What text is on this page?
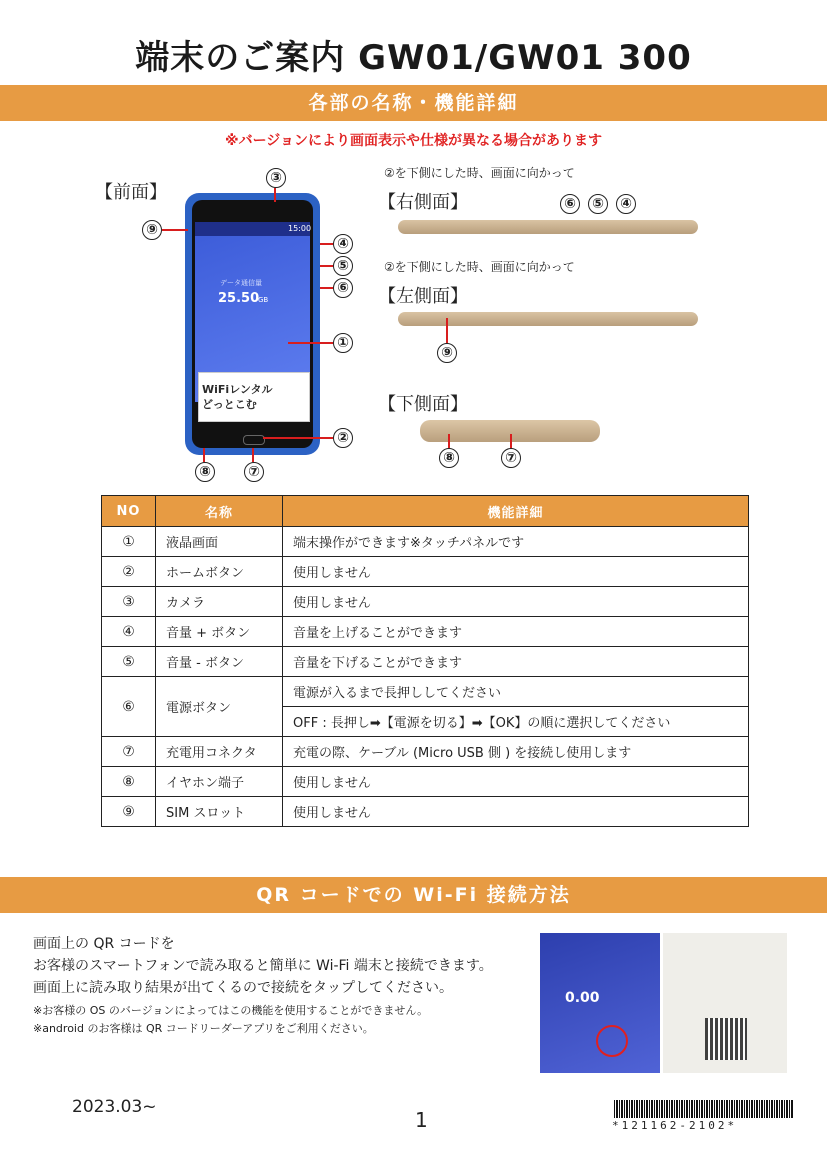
端末のご案内 GW01/GW01 300
各部の名称・機能詳細
※バージョンにより画面表示や仕様が異なる場合があります
【前面】
15:00
データ通信量
25.50
GB
WiFiレンタル
どっとこむ
③
⑨
④
⑤
⑥
①
②
⑧	⑦
②を下側にした時、画面に向かって
【右側面】	⑥ ⑤ ④
②を下側にした時、画面に向かって
【左側面】
⑨
【下側面】
⑧	⑦
NO	名称	機能詳細
①	液晶画面	端末操作ができます※タッチパネルです
②	ホームボタン	使用しません
③	カメラ	使用しません
④	音量 + ボタン	音量を上げることができます
⑤	音量 - ボタン	音量を下げることができます
⑥	電源ボタン	電源が入るまで長押ししてください
		OFF : 長押し➡【電源を切る】➡【OK】の順に選択してください
⑦	充電用コネクタ	充電の際、ケーブル (Micro USB 側 ) を接続し使用します
⑧	イヤホン端子	使用しません
⑨	SIM スロット	使用しません
QR コードでの Wi-Fi 接続方法
画面上の QR コードを
お客様のスマートフォンで読み取ると簡単に Wi-Fi 端末と接続できます。
画面上に読み取り結果が出てくるので接続をタップしてください。
※お客様の OS のバージョンによってはこの機能を使用することができません。
※android のお客様は QR コードリーダーアプリをご利用ください。
0.00
2023.03~
1	*121162-2102*
